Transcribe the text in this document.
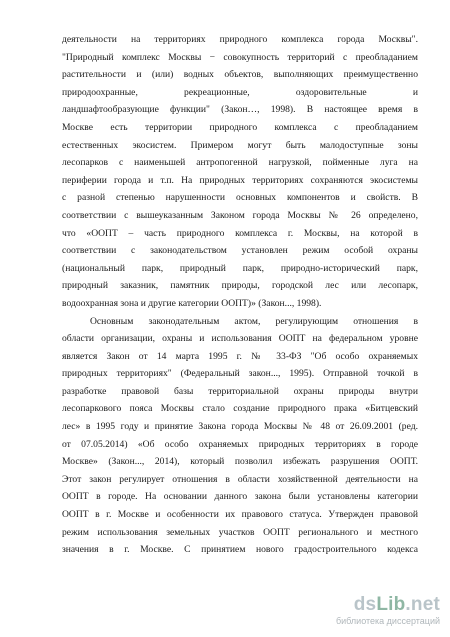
деятельности на территориях природного комплекса города Москвы".
"Природный комплекс Москвы − совокупность территорий с преобладанием
растительности и (или) водных объектов, выполняющих преимущественно
природоохранные, рекреационные, оздоровительные и
ландшафтообразующие функции" (Закон…, 1998). В настоящее время в
Москве есть территории природного комплекса с преобладанием
естественных экосистем. Примером могут быть малодоступные зоны
лесопарков с наименьшей антропогенной нагрузкой, пойменные луга на
периферии города и т.п. На природных территориях сохраняются экосистемы
с разной степенью нарушенности основных компонентов и свойств. В
соответствии с вышеуказанным Законом города Москвы № 26 определено,
что «ООПТ – часть природного комплекса г. Москвы, на которой в
соответствии с законодательством установлен режим особой охраны
(национальный парк, природный парк, природно-исторический парк,
природный заказник, памятник природы, городской лес или лесопарк,
водоохранная зона и другие категории ООПТ)» (Закон..., 1998).
Основным законодательным актом, регулирующим отношения в
области организации, охраны и использования ООПТ на федеральном уровне
является Закон от 14 марта 1995 г. № 33-ФЗ "Об особо охраняемых
природных территориях" (Федеральный закон..., 1995). Отправной точкой в
разработке правовой базы территориальной охраны природы внутри
лесопаркового пояса Москвы стало создание природного прака «Битцевский
лес» в 1995 году и принятие Закона города Москвы № 48 от 26.09.2001 (ред.
от 07.05.2014) «Об особо охраняемых природных территориях в городе
Москве» (Закон..., 2014), который позволил избежать разрушения ООПТ.
Этот закон регулирует отношения в области хозяйственной деятельности на
ООПТ в городе. На основании данного закона были установлены категории
ООПТ в г. Москве и особенности их правового статуса. Утвержден правовой
режим использования земельных участков ООПТ регионального и местного
значения в г. Москве. С принятием нового градостроительного кодекса
dsLib.net
библиотека диссертаций
